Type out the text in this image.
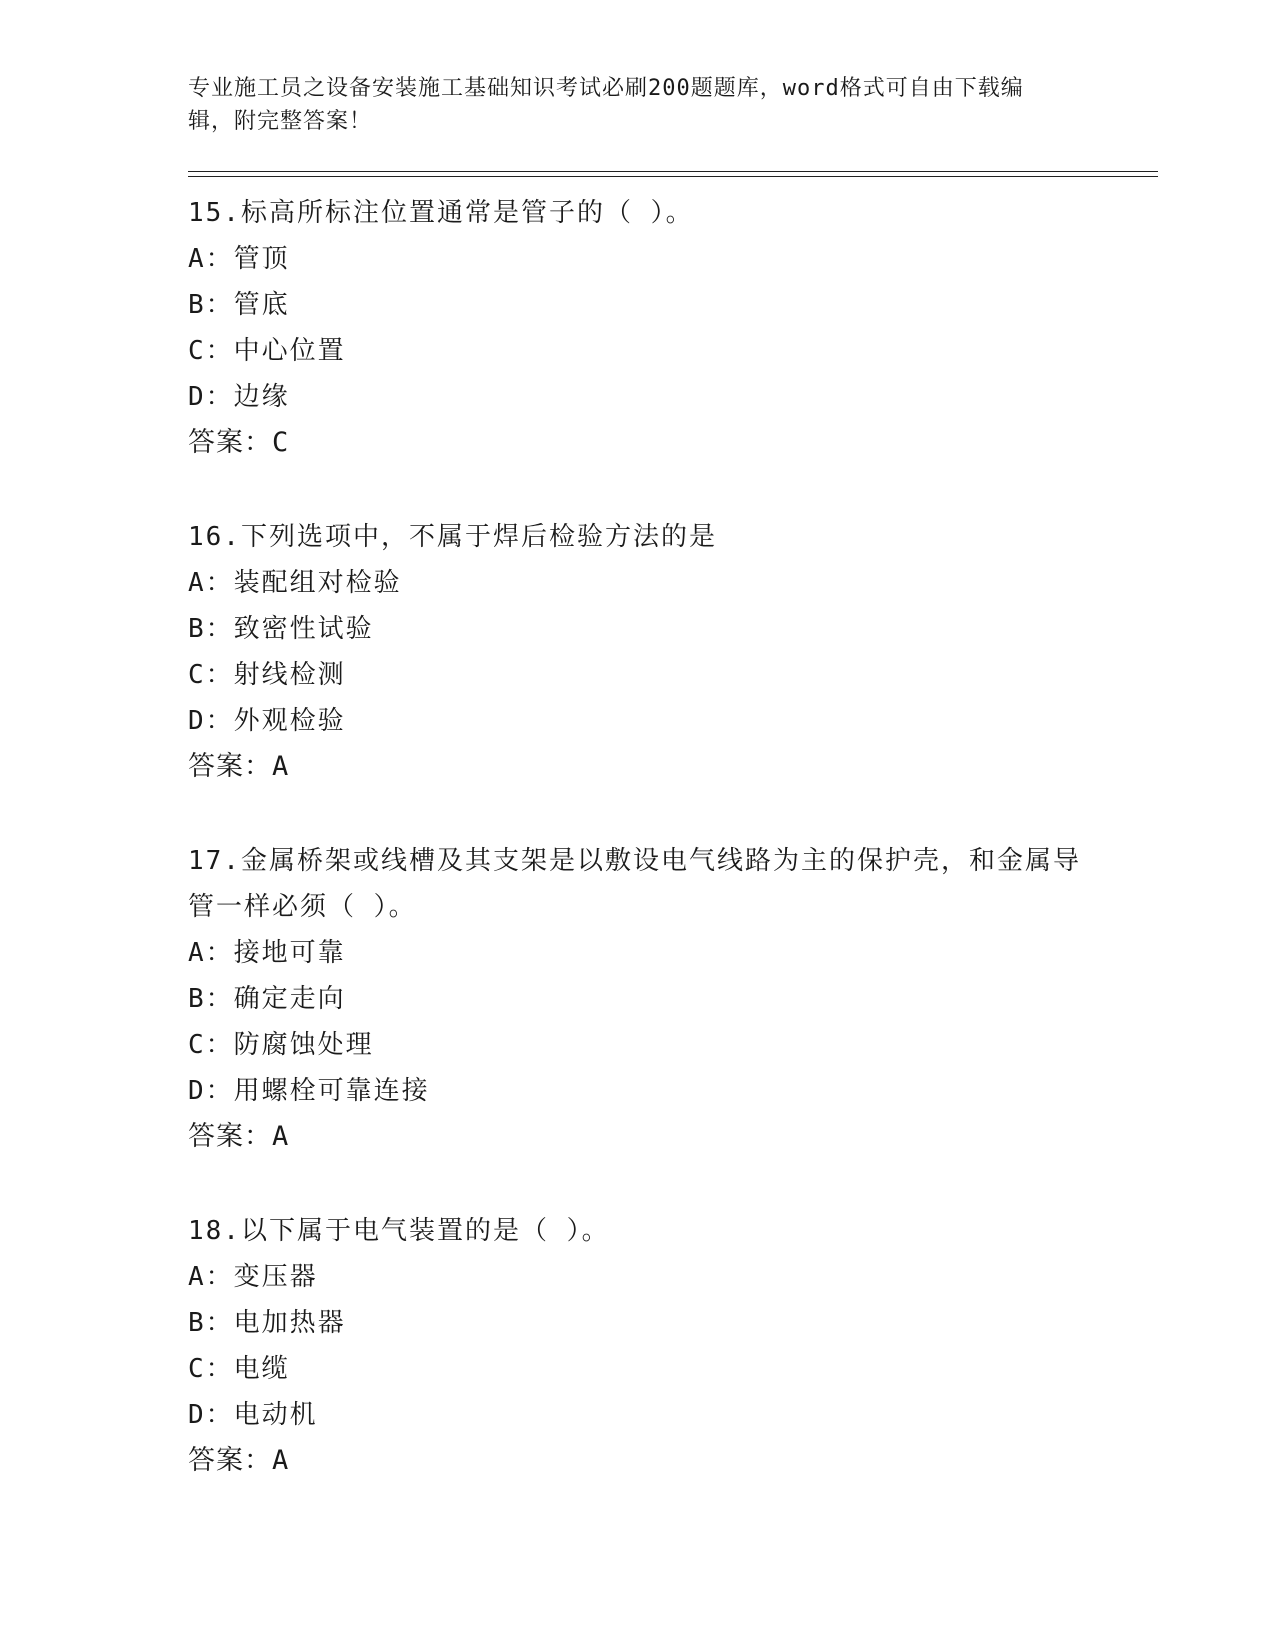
专业施工员之设备安装施工基础知识考试必刷200题题库，word格式可自由下载编辑，附完整答案！

15.标高所标注位置通常是管子的（ ）。

A：管顶

B：管底

C：中心位置

D：边缘

答案：C

16.下列选项中，不属于焊后检验方法的是

A：装配组对检验

B：致密性试验

C：射线检测

D：外观检验

答案：A

17.金属桥架或线槽及其支架是以敷设电气线路为主的保护壳，和金属导管一样必须（ ）。

A：接地可靠

B：确定走向

C：防腐蚀处理

D：用螺栓可靠连接

答案：A

18.以下属于电气装置的是（ ）。

A：变压器

B：电加热器

C：电缆

D：电动机

答案：A
